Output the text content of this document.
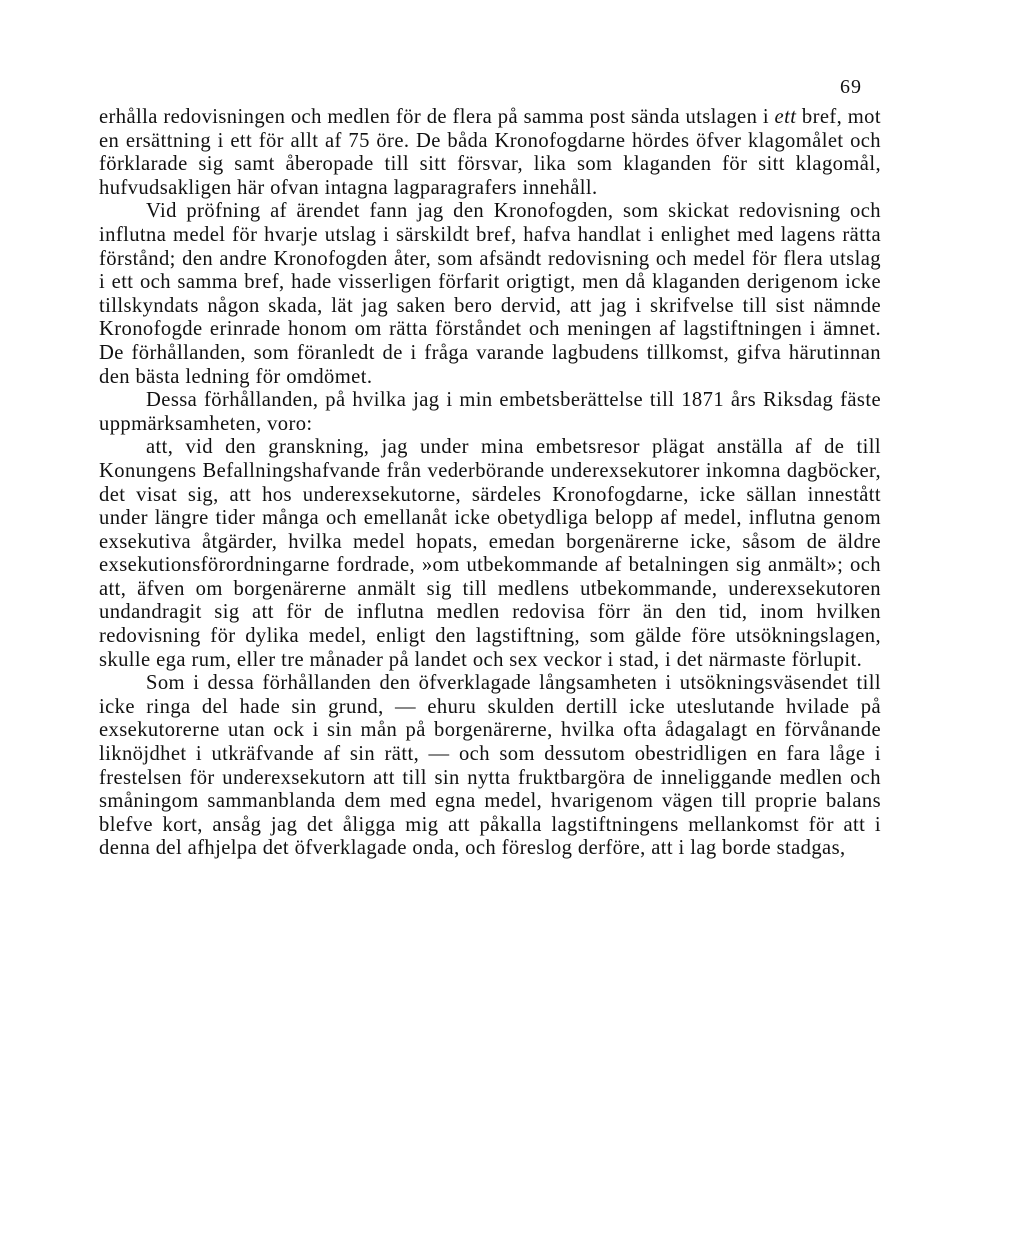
69

erhålla redovisningen och medlen för de flera på samma post sända utslagen i ett bref, mot en ersättning i ett för allt af 75 öre. De båda Kronofogdarne hördes öfver klagomålet och förklarade sig samt åberopade till sitt försvar, lika som klaganden för sitt klagomål, hufvudsakligen här ofvan intagna lagparagrafers innehåll.

Vid pröfning af ärendet fann jag den Kronofogden, som skickat redovisning och influtna medel för hvarje utslag i särskildt bref, hafva handlat i enlighet med lagens rätta förstånd; den andre Kronofogden åter, som afsändt redovisning och medel för flera utslag i ett och samma bref, hade visserligen förfarit origtigt, men då klaganden derigenom icke tillskyndats någon skada, lät jag saken bero dervid, att jag i skrifvelse till sist nämnde Kronofogde erinrade honom om rätta förståndet och meningen af lagstiftningen i ämnet. De förhållanden, som föranledt de i fråga varande lagbudens tillkomst, gifva härutinnan den bästa ledning för omdömet.

Dessa förhållanden, på hvilka jag i min embetsberättelse till 1871 års Riksdag fäste uppmärksamheten, voro:

att, vid den granskning, jag under mina embetsresor plägat anställa af de till Konungens Befallningshafvande från vederbörande underexsekutorer inkomna dagböcker, det visat sig, att hos underexsekutorne, särdeles Kronofogdarne, icke sällan innestått under längre tider många och emellanåt icke obetydliga belopp af medel, influtna genom exsekutiva åtgärder, hvilka medel hopats, emedan borgenärerne icke, såsom de äldre exsekutionsförordningarne fordrade, »om utbekommande af betalningen sig anmält»; och att, äfven om borgenärerne anmält sig till medlens utbekommande, underexsekutoren undandragit sig att för de influtna medlen redovisa förr än den tid, inom hvilken redovisning för dylika medel, enligt den lagstiftning, som gälde före utsökningslagen, skulle ega rum, eller tre månader på landet och sex veckor i stad, i det närmaste förlupit.

Som i dessa förhållanden den öfverklagade långsamheten i utsökningsväsendet till icke ringa del hade sin grund, — ehuru skulden dertill icke uteslutande hvilade på exsekutorerne utan ock i sin mån på borgenärerne, hvilka ofta ådagalagt en förvånande liknöjdhet i utkräfvande af sin rätt, — och som dessutom obestridligen en fara låge i frestelsen för underexsekutorn att till sin nytta fruktbargöra de inneliggande medlen och småningom sammanblanda dem med egna medel, hvarigenom vägen till proprie balans blefve kort, ansåg jag det åligga mig att påkalla lagstiftningens mellankomst för att i denna del afhjelpa det öfverklagade onda, och föreslog derföre, att i lag borde stadgas,
